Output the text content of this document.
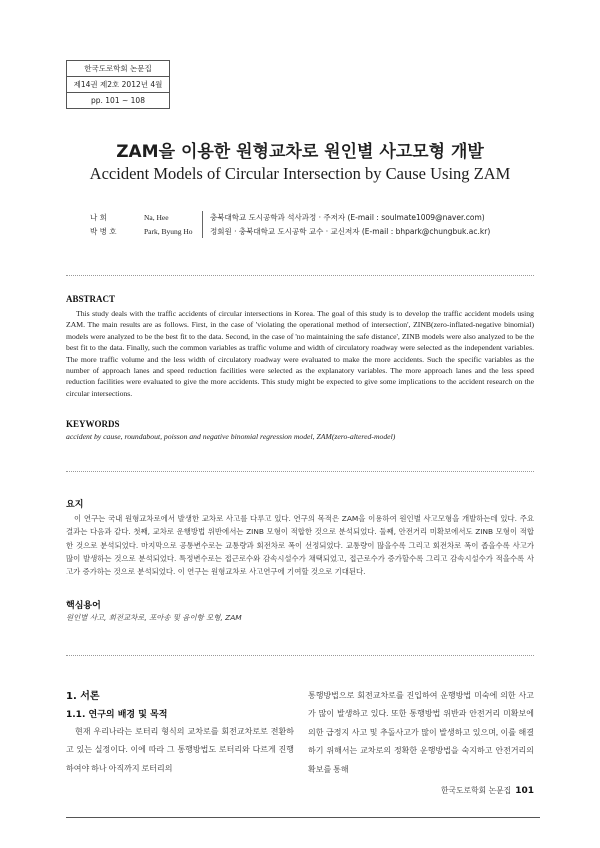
한국도로학회 논문집
제14권 제2호 2012년 4월
pp. 101 ~ 108
ZAM을 이용한 원형교차로 원인별 사고모형 개발
Accident Models of Circular Intersection by Cause Using ZAM
나 희	Na, Hee	충북대학교 도시공학과 석사과정 · 주저자 (E-mail : soulmate1009@naver.com)
박 병 호	Park, Byung Ho 정회원 · 충북대학교 도시공학 교수 · 교신저자 (E-mail : bhpark@chungbuk.ac.kr)
ABSTRACT
This study deals with the traffic accidents of circular intersections in Korea. The goal of this study is to develop the traffic accident models using ZAM. The main results are as follows. First, in the case of 'violating the operational method of intersection', ZINB(zero-inflated-negative binomial) models were analyzed to be the best fit to the data. Second, in the case of 'no maintaining the safe distance', ZINB models were also analyzed to be the best fit to the data. Finally, such the common variables as traffic volume and width of circulatory roadway were selected as the independent variables. The more traffic volume and the less width of circulatory roadway were evaluated to make the more accidents. Such the specific variables as the number of approach lanes and speed reduction facilities were selected as the explanatory variables. The more approach lanes and the less speed reduction facilities were evaluated to give the more accidents. This study might be expected to give some implications to the accident research on the circular intersections.
KEYWORDS
accident by cause, roundabout, poisson and negative binomial regression model, ZAM(zero-altered-model)
요지
이 연구는 국내 원형교차로에서 발생한 교차로 사고를 다루고 있다. 연구의 목적은 ZAM을 이용하여 원인별 사고모형을 개발하는데 있다. 주요결과는 다음과 같다. 첫째, 교차로 운행방법 위반에서는 ZINB 모형이 적합한 것으로 분석되었다. 둘째, 안전거리 미확보에서도 ZINB 모형이 적합한 것으로 분석되었다. 마지막으로 공통변수로는 교통량과 회전차로 폭이 선정되었다. 교통량이 많을수록 그리고 회전차로 폭이 좁을수록 사고가 많이 발생하는 것으로 분석되었다. 특정변수로는 접근로수와 감속시설수가 채택되었고, 접근로수가 증가할수록 그리고 감속시설수가 적을수록 사고가 증가하는 것으로 분석되었다. 이 연구는 원형교차로 사고연구에 기여할 것으로 기대된다.
핵심용어
원인별 사고, 회전교차로, 포아송 및 음이항 모형, ZAM
1. 서론
1.1. 연구의 배경 및 목적
현재 우리나라는 로터리 형식의 교차로를 회전교차로로 전환하고 있는 실정이다. 이에 따라 그 통행방법도 로터리와 다르게 진행하여야 하나 아직까지 로터리의
통행방법으로 회전교차로를 진입하여 운행방법 미숙에 의한 사고가 많이 발생하고 있다. 또한 통행방법 위반과 안전거리 미확보에 의한 급정지 사고 및 추돌사고가 많이 발생하고 있으며, 이를 해결하기 위해서는 교차로의 정확한 운행방법을 숙지하고 안전거리의 확보를 통해
한국도로학회 논문집 101
